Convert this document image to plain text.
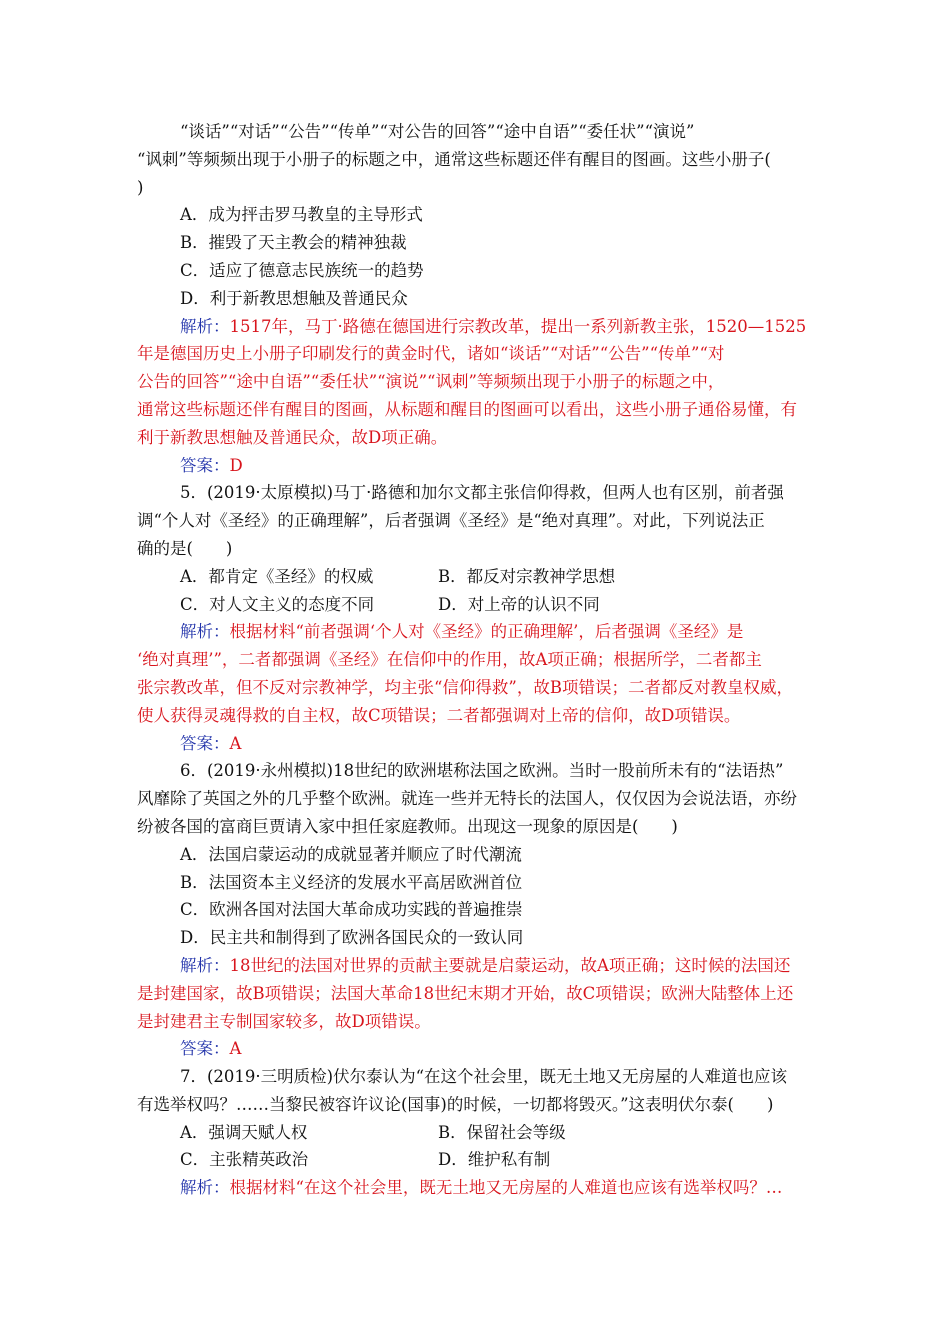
“谈话”“对话”“公告”“传单”“对公告的回答”“途中自语”“委任状”“演说”
“讽刺”等频频出现于小册子的标题之中，通常这些标题还伴有醒目的图画。这些小册子(
)
A．成为抨击罗马教皇的主导形式
B．摧毁了天主教会的精神独裁
C．适应了德意志民族统一的趋势
D．利于新教思想触及普通民众
解析：1517年，马丁·路德在德国进行宗教改革，提出一系列新教主张，1520—1525
年是德国历史上小册子印刷发行的黄金时代，诸如“谈话”“对话”“公告”“传单”“对
公告的回答”“途中自语”“委任状”“演说”“讽刺”等频频出现于小册子的标题之中，
通常这些标题还伴有醒目的图画，从标题和醒目的图画可以看出，这些小册子通俗易懂，有
利于新教思想触及普通民众，故D项正确。
答案：D
5．(2019·太原模拟)马丁·路德和加尔文都主张信仰得救，但两人也有区别，前者强
调“个人对《圣经》的正确理解”，后者强调《圣经》是“绝对真理”。对此，下列说法正
确的是(　　)
A．都肯定《圣经》的权威	B．都反对宗教神学思想
C．对人文主义的态度不同	D．对上帝的认识不同
解析：根据材料“前者强调‘个人对《圣经》的正确理解’，后者强调《圣经》是
‘绝对真理’”，二者都强调《圣经》在信仰中的作用，故A项正确；根据所学，二者都主
张宗教改革，但不反对宗教神学，均主张“信仰得救”，故B项错误；二者都反对教皇权威，
使人获得灵魂得救的自主权，故C项错误；二者都强调对上帝的信仰，故D项错误。
答案：A
6．(2019·永州模拟)18世纪的欧洲堪称法国之欧洲。当时一股前所未有的“法语热”
风靡除了英国之外的几乎整个欧洲。就连一些并无特长的法国人，仅仅因为会说法语，亦纷
纷被各国的富商巨贾请入家中担任家庭教师。出现这一现象的原因是(　　)
A．法国启蒙运动的成就显著并顺应了时代潮流
B．法国资本主义经济的发展水平高居欧洲首位
C．欧洲各国对法国大革命成功实践的普遍推崇
D．民主共和制得到了欧洲各国民众的一致认同
解析：18世纪的法国对世界的贡献主要就是启蒙运动，故A项正确；这时候的法国还
是封建国家，故B项错误；法国大革命18世纪末期才开始，故C项错误；欧洲大陆整体上还
是封建君主专制国家较多，故D项错误。
答案：A
7．(2019·三明质检)伏尔泰认为“在这个社会里，既无土地又无房屋的人难道也应该
有选举权吗？……当黎民被容许议论(国事)的时候，一切都将毁灭。”这表明伏尔泰(　　)
A．强调天赋人权	B．保留社会等级
C．主张精英政治	D．维护私有制
解析：根据材料“在这个社会里，既无土地又无房屋的人难道也应该有选举权吗？…
